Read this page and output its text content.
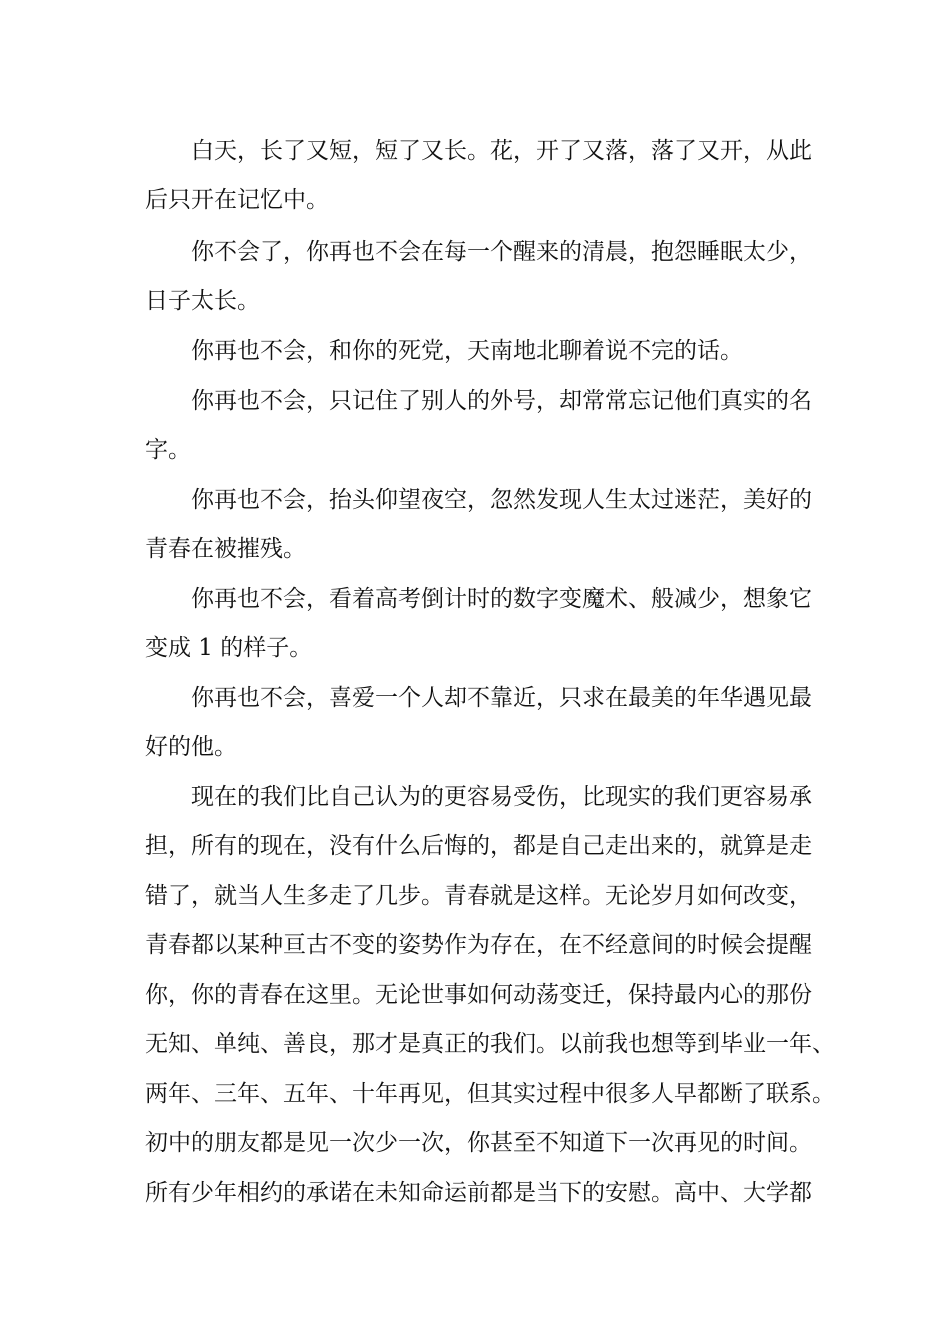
白天，长了又短，短了又长。花，开了又落，落了又开，从此
后只开在记忆中。
你不会了，你再也不会在每一个醒来的清晨，抱怨睡眠太少，
日子太长。
你再也不会，和你的死党，天南地北聊着说不完的话。
你再也不会，只记住了别人的外号，却常常忘记他们真实的名
字。
你再也不会，抬头仰望夜空，忽然发现人生太过迷茫，美好的
青春在被摧残。
你再也不会，看着高考倒计时的数字变魔术、般减少，想象它
变成 1 的样子。
你再也不会，喜爱一个人却不靠近，只求在最美的年华遇见最
好的他。
现在的我们比自己认为的更容易受伤，比现实的我们更容易承
担，所有的现在，没有什么后悔的，都是自己走出来的，就算是走
错了，就当人生多走了几步。青春就是这样。无论岁月如何改变，
青春都以某种亘古不变的姿势作为存在，在不经意间的时候会提醒
你，你的青春在这里。无论世事如何动荡变迁，保持最内心的那份
无知、单纯、善良，那才是真正的我们。以前我也想等到毕业一年、
两年、三年、五年、十年再见，但其实过程中很多人早都断了联系。
初中的朋友都是见一次少一次，你甚至不知道下一次再见的时间。
所有少年相约的承诺在未知命运前都是当下的安慰。高中、大学都
